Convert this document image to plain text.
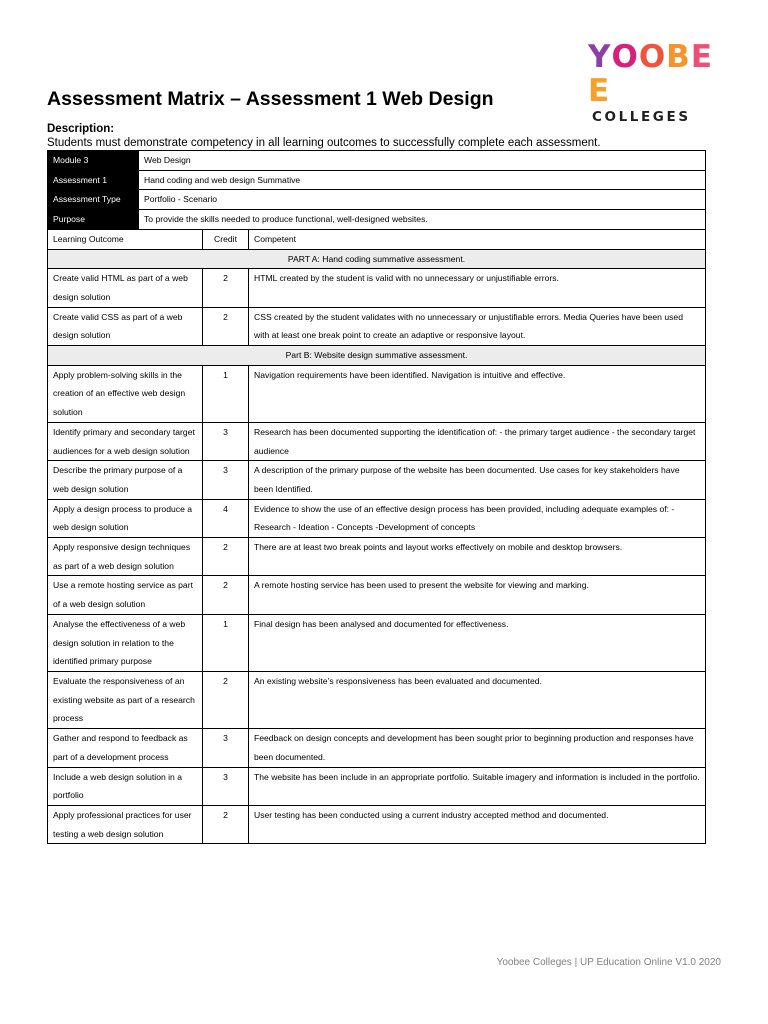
YOOBEE
COLLEGES
Assessment Matrix – Assessment 1 Web Design
Description:
Students must demonstrate competency in all learning outcomes to successfully complete each assessment.
Module 3	Web Design		
Assessment 1	Hand coding and web design Summative		
Assessment Type	Portfolio - Scenario		
Purpose	To provide the skills needed to produce functional, well-designed websites.		
Learning Outcome		Credit	Competent
PART A: Hand coding summative assessment.			
Create valid HTML as part of a web design solution		2	HTML created by the student is valid with no unnecessary or unjustifiable errors.
Create valid CSS as part of a web design solution		2	CSS created by the student validates with no unnecessary or unjustifiable errors. Media Queries have been used with at least one break point to create an adaptive or responsive layout.
Part B: Website design summative assessment.			
Apply problem-solving skills in the creation of an effective web design solution		1	Navigation requirements have been identified. Navigation is intuitive and effective.
Identify primary and secondary target audiences for a web design solution		3	Research has been documented supporting the identification of: - the primary target audience - the secondary target audience
Describe the primary purpose of a web design solution		3	A description of the primary purpose of the website has been documented. Use cases for key stakeholders have been Identified.
Apply a design process to produce a web design solution		4	Evidence to show the use of an effective design process has been provided, including adequate examples of: - Research - Ideation - Concepts -Development of concepts
Apply responsive design techniques as part of a web design solution		2	There are at least two break points and layout works effectively on mobile and desktop browsers.
Use a remote hosting service as part of a web design solution		2	A remote hosting service has been used to present the website for viewing and marking.
Analyse the effectiveness of a web design solution in relation to the identified primary purpose		1	Final design has been analysed and documented for effectiveness.
Evaluate the responsiveness of an existing website as part of a research process		2	An existing website’s responsiveness has been evaluated and documented.
Gather and respond to feedback as part of a development process		3	Feedback on design concepts and development has been sought prior to beginning production and responses have been documented.
Include a web design solution in a portfolio		3	The website has been include in an appropriate portfolio. Suitable imagery and information is included in the portfolio.
Apply professional practices for user testing a web design solution		2	User testing has been conducted using a current industry accepted method and documented.
Yoobee Colleges | UP Education Online V1.0 2020
